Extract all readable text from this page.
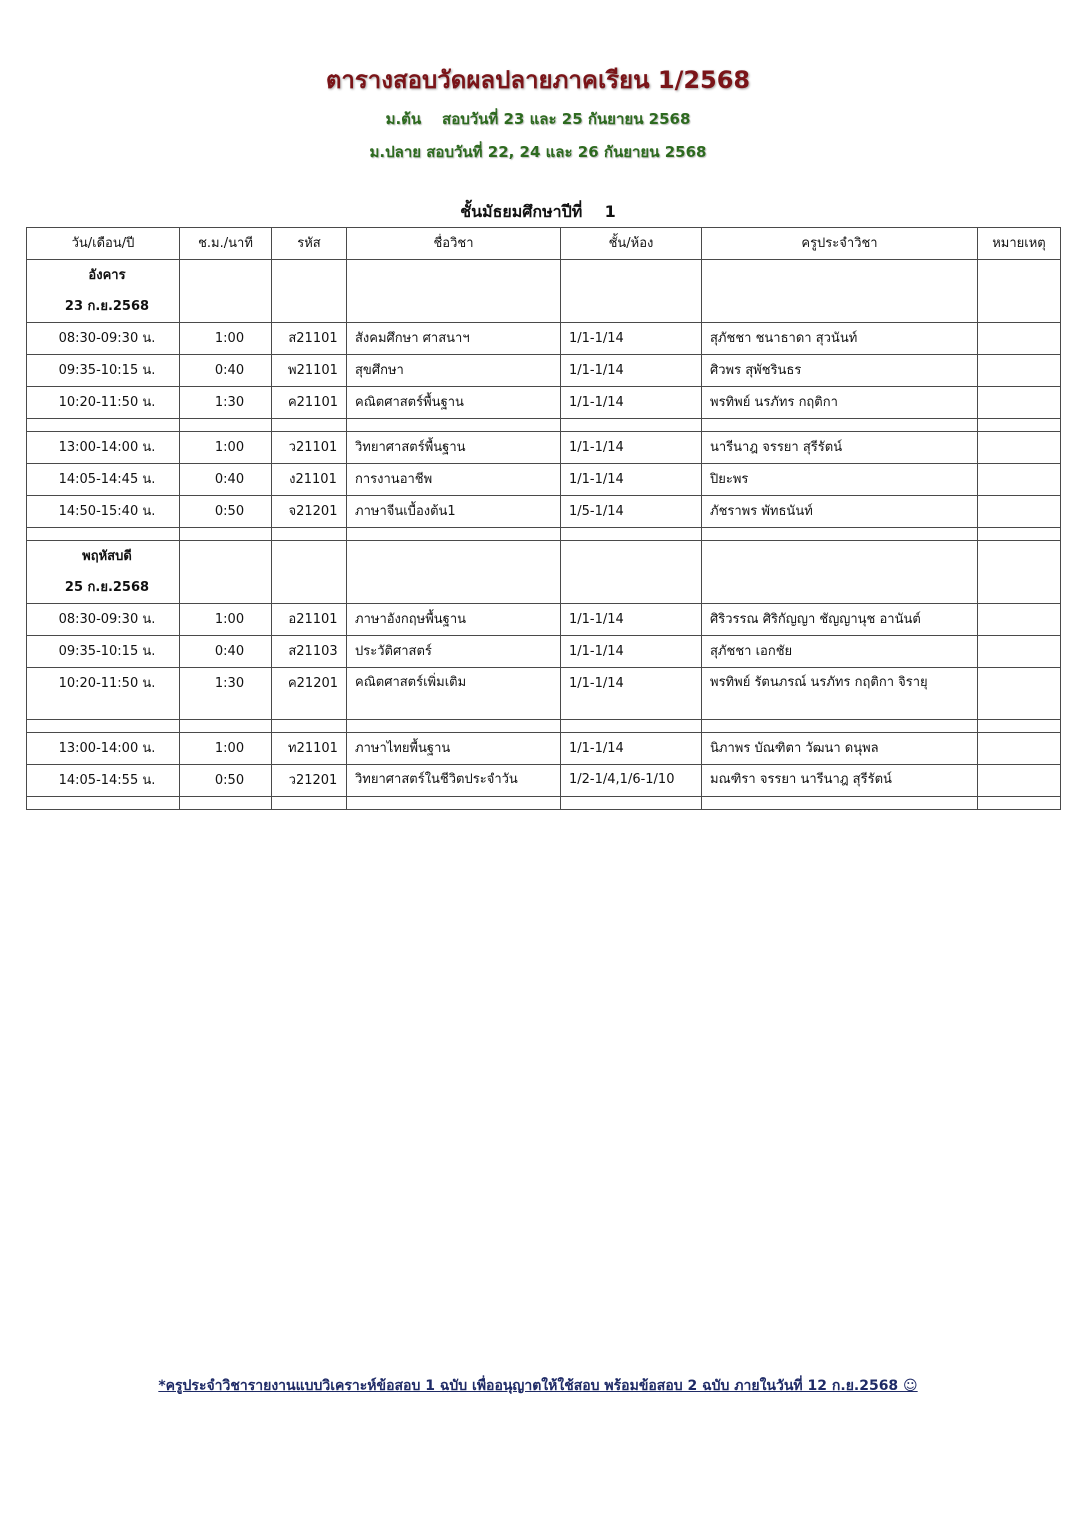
ตารางสอบวัดผลปลายภาคเรียน 1/2568
ม.ต้น    สอบวันที่ 23 และ 25 กันยายน 2568
ม.ปลาย สอบวันที่ 22, 24 และ 26 กันยายน 2568
ชั้นมัธยมศึกษาปีที่    1
วัน/เดือน/ปี	ช.ม./นาที	รหัส	ชื่อวิชา	ชั้น/ห้อง	ครูประจำวิชา	หมายเหตุ

อังคาร
23 ก.ย.2568						

08:30-09:30 น.	1:00	ส21101	สังคมศึกษา ศาสนาฯ	1/1-1/14	สุภัชชา ชนาธาดา สุวนันท์	
09:35-10:15 น.	0:40	พ21101	สุขศึกษา	1/1-1/14	ศิวพร สุพัชรินธร	
10:20-11:50 น.	1:30	ค21101	คณิตศาสตร์พื้นฐาน	1/1-1/14	พรทิพย์ นรภัทร กฤติกา	

13:00-14:00 น.	1:00	ว21101	วิทยาศาสตร์พื้นฐาน	1/1-1/14	นารีนาฎ จรรยา สุรีรัตน์	
14:05-14:45 น.	0:40	ง21101	การงานอาชีพ	1/1-1/14	ปิยะพร	
14:50-15:40 น.	0:50	จ21201	ภาษาจีนเบื้องต้น1	1/5-1/14	ภัชราพร พัทธนันท์	

พฤหัสบดี
25 ก.ย.2568						

08:30-09:30 น.	1:00	อ21101	ภาษาอังกฤษพื้นฐาน	1/1-1/14	ศิริวรรณ ศิริกัญญา ชัญญานุช อานันต์	
09:35-10:15 น.	0:40	ส21103	ประวัติศาสตร์	1/1-1/14	สุภัชชา เอกชัย	
10:20-11:50 น.	1:30	ค21201	คณิตศาสตร์เพิ่มเติม	1/1-1/14	พรทิพย์ รัตนภรณ์ นรภัทร กฤติกา จิรายุ	

13:00-14:00 น.	1:00	ท21101	ภาษาไทยพื้นฐาน	1/1-1/14	นิภาพร บัณฑิตา วัฒนา ดนุพล	
14:05-14:55 น.	0:50	ว21201	วิทยาศาสตร์ในชีวิตประจำวัน	1/2-1/4,1/6-1/10	มณฑิรา จรรยา นารีนาฎ สุรีรัตน์	

*ครูประจำวิชารายงานแบบวิเคราะห์ข้อสอบ 1 ฉบับ เพื่ออนุญาตให้ใช้สอบ พร้อมข้อสอบ 2 ฉบับ ภายในวันที่ 12 ก.ย.2568 ☺
